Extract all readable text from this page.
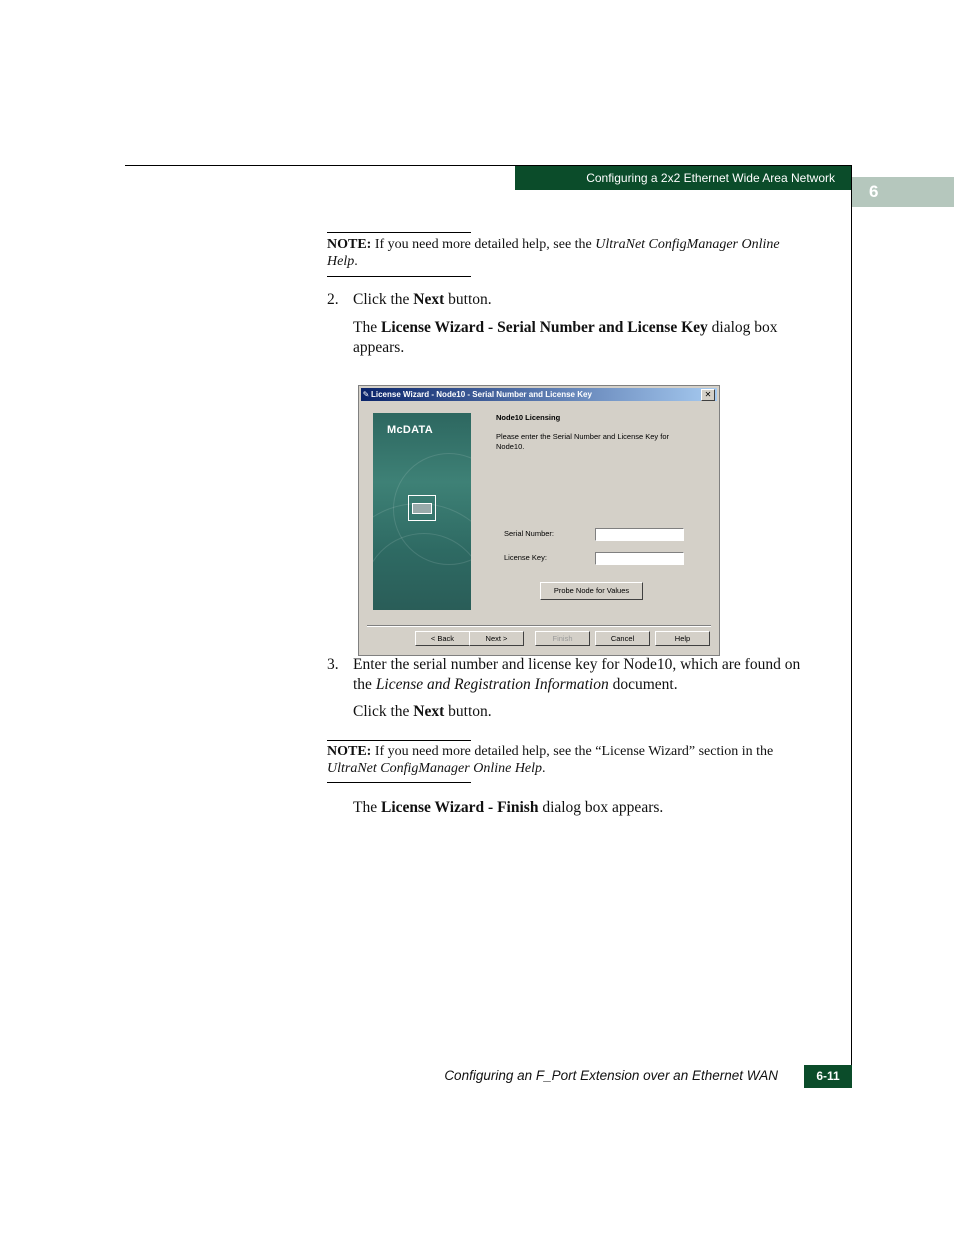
Configuring a 2x2 Ethernet Wide Area Network
6
NOTE: If you need more detailed help, see the UltraNet ConfigManager Online Help.
2. Click the Next button.
The License Wizard - Serial Number and License Key dialog box appears.
✎ License Wizard - Node10 - Serial Number and License Key	✕
McDATA
Node10 Licensing
Please enter the Serial Number and License Key for Node10.
Serial Number:
License Key:
Probe Node for Values
< Back	Next >	Finish	Cancel	Help
3. Enter the serial number and license key for Node10, which are found on the License and Registration Information document.
Click the Next button.
NOTE: If you need more detailed help, see the “License Wizard” section in the UltraNet ConfigManager Online Help.
The License Wizard - Finish dialog box appears.
Configuring an F_Port Extension over an Ethernet WAN	6-11
